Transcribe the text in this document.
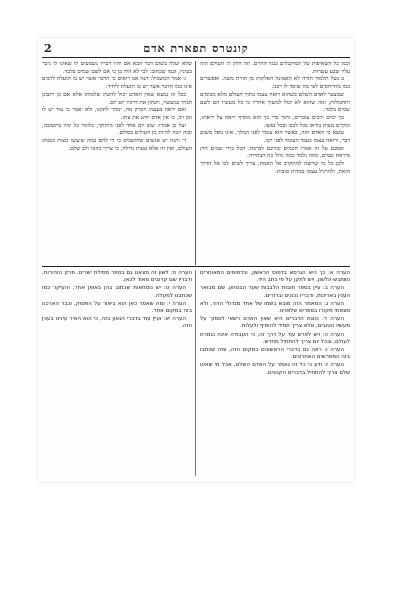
2	קונטרס תפארת אדם
וכמו כל השאיפות של המוקבלים כנגד החיים. וזה חלק ת׳ העולם הזה עליו שבע עשרות.
ב נשל תלמוד תורה לא האמונה האלקות מן תורת משה. ואפשרים כמו מתייחסים לפי מה שיסד לו רבנו.
שמצער לאדם השלם כשהוא רואה עצמו בתוך העולם מלא מכוסים ותחבולות, ומה שהוא לא יכול למשוך אחריו כי כל מעשיו הם לשם שמים בלבד.
כך ימים ורבים עוברים, ותוך כדי כך הוא מוסיף יראה על יראתו, ומקיים מצות בוראו בכל לבבו ובכל נפשו.
נמצא כי האדם הזה, כאשר הוא עומד לפני המלך, אינו נופל משום דבר, ורואה עצמו כעבד העומד לפני רבו.
ואמנם על זה אמרו חכמים זכרונם לברכה: הכל בידי שמים חוץ מיראת שמים, ומזה נלמד כמה גדול כח הבחירה.
ולכן כל מי שרוצה להתקרב אל האמת, צריך לשים לבו אל הדרך הזאת, ולהרגיל עצמו במדות טובות.
שלא יעלה בשום דבר הבא אם יהיו דבריו נשמעים לו שאינו לו ניכר בעיניו, וכמו שכתוב: לבי לא היה בו כי אם לשם שמים בלבד.
ג׳ אמר המשכיל: הנה אנו רואים כי הדבר אשר יש בו תועלת לרבים אינו כמו הדבר אשר יש בו תועלת ליחיד.
בכל זה נמצא שאין האדם יכול להשיג שלמותו אלא אם כן יתבונן תמיד במעשיו, ויבחון את דרכיו יום יום.
ואם יראה בעצמו חסרון מה, ימהר לתקנו, ולא יאמר כי עוד יש לו זמן רב, כי אין אדם יודע את עתו.
ועל כן אמרו: שוב יום אחד לפני מיתתך, כלומר כל ימיו בתשובה, ובזה יזכה להיות מן העולים בסולם.
ד׳ והנה יש אנשים שחושבים כי די להם במה שיעשו מצות כמנהג העולם, ואין זה אלא טעות גדולה, כי צריך כוונה ולב שלם.
הערה א: כך היא הגרסא בדפוס הראשון, ובדפוסים המאוחרים נשתבש הלשון, ויש לתקן על פי כתב היד.
הערה ב: עיין בספר חובות הלבבות שער הבטחון, שם מבואר הענין באריכות, ודבריו נכונים וברורים.
הערה ג: המאמר הזה מובא בשמו של אחד מגדולי הדור, ולא מצאתי מקורו בספרים שלפנינו.
הערה ד: כוונת הדברים היא שאין האדם רשאי לסמוך על מעשיו הטובים, אלא צריך תמיד להוסיף ולעלות.
הערה ה: ויש לפרש עוד על דרך זה, כי העבודה אינה נגמרת לעולם, ובכל יום צריך להתחיל מחדש.
הערה ו: ראה גם בדברי הראשונים במקום הזה, ומה שכתבו בזה המפרשים האחרונים.
הערה ז: ודע כי כל זה נאמר על האדם השלם, אבל מי שאינו שלם צריך להתחיל בדברים הקטנים.
הערה ח: לשון זה מצאנו גם בספר מסילת ישרים, פרק הזהירות, ודבריו שם קרובים מאוד לכאן.
הערה ט: יש נוסחאות שכתוב בהן באופן אחר, והעיקר כמו שכתבנו למעלה.
הערה י: ומה שאמר כאן הוא ביאור על הפסוק, וכבר הארכנו בזה במקום אחר.
הערה יא: ועיין עוד בדברי הגאון בזה, כי הוא האיר עינינו בענין הזה.
